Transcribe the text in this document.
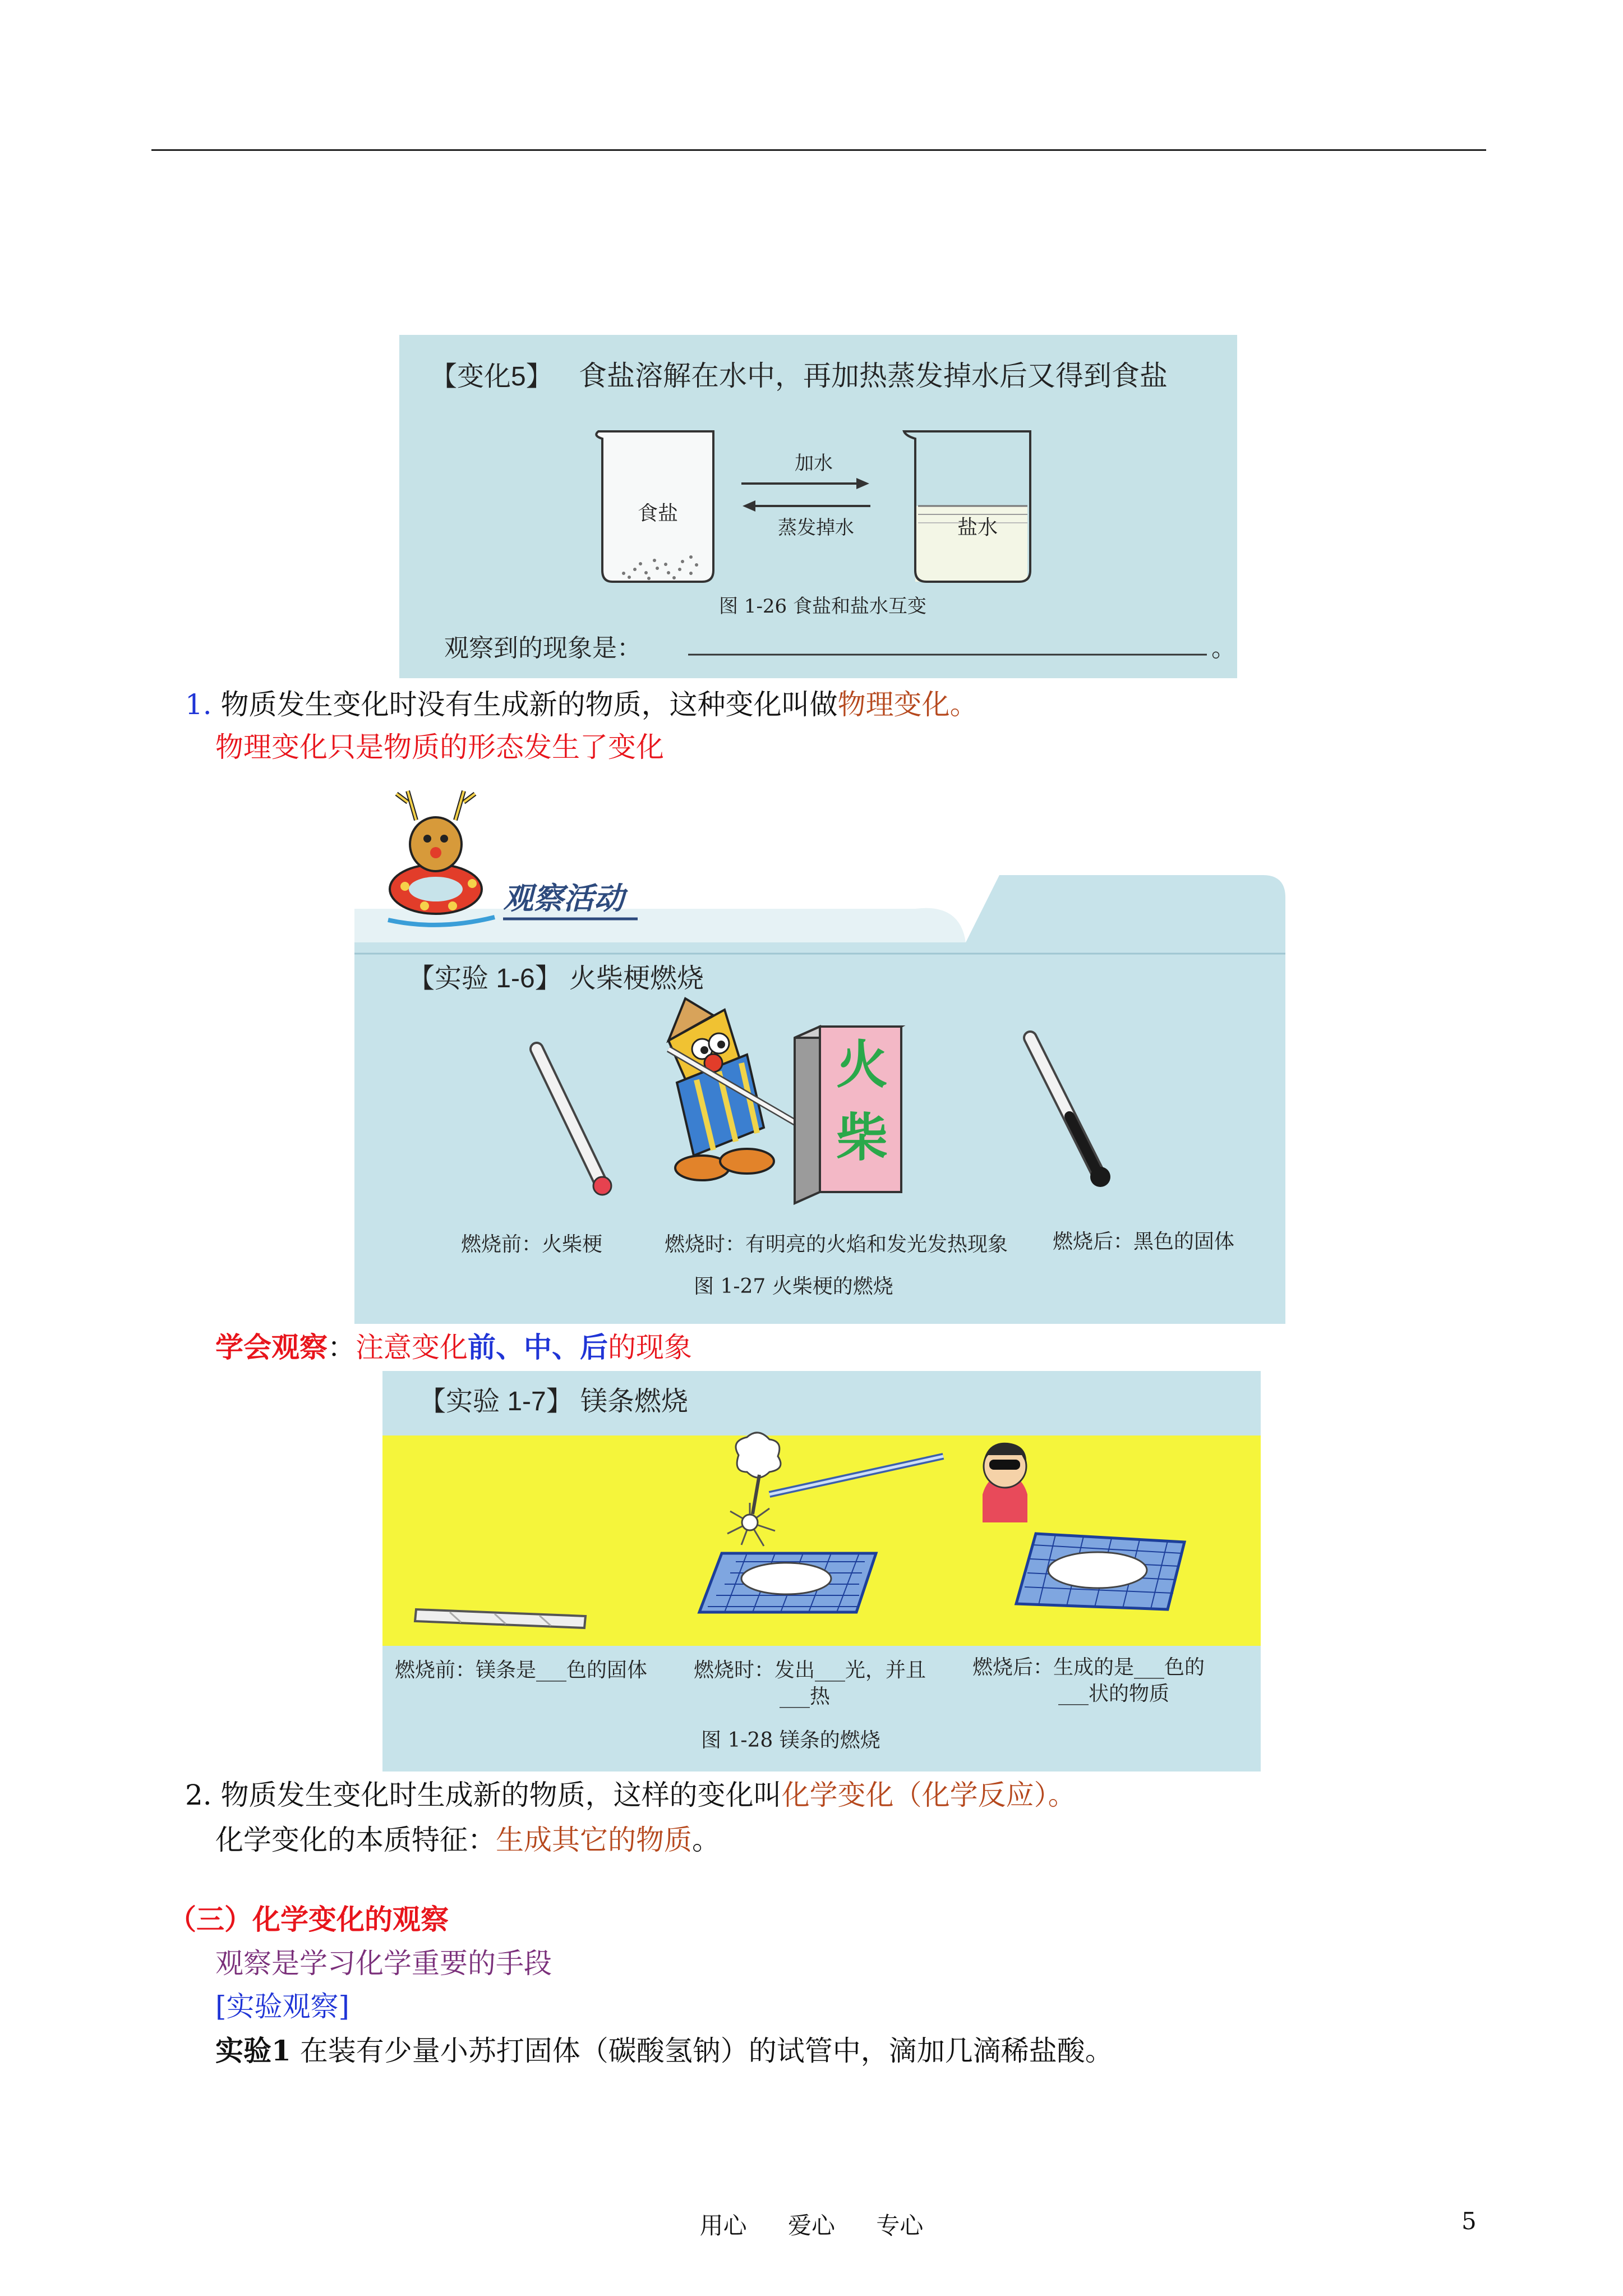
【变化5】 食盐溶解在水中，再加热蒸发掉水后又得到食盐
食盐
加水
蒸发掉水	盐水
图 1-26 食盐和盐水互变
观察到的现象是：	。
1. 物质发生变化时没有生成新的物质，这种变化叫做物理变化。
物理变化只是物质的形态发生了变化
观察活动
【实验 1-6】 火柴梗燃烧
火
柴
燃烧前：火柴梗	燃烧时：有明亮的火焰和发光发热现象 燃烧后：黑色的固体
图 1-27 火柴梗的燃烧
学会观察：注意变化前、中、后的现象
【实验 1-7】 镁条燃烧
燃烧前：镁条是___色的固体 燃烧时：发出___光，并且
___热
燃烧后：生成的是___色的
___状的物质
图 1-28 镁条的燃烧
2. 物质发生变化时生成新的物质，这样的变化叫化学变化（化学反应）。
化学变化的本质特征：生成其它的物质。
（三）化学变化的观察
观察是学习化学重要的手段
[实验观察]
实验1 在装有少量小苏打固体（碳酸氢钠）的试管中，滴加几滴稀盐酸。
用心 爱心 专心	5
